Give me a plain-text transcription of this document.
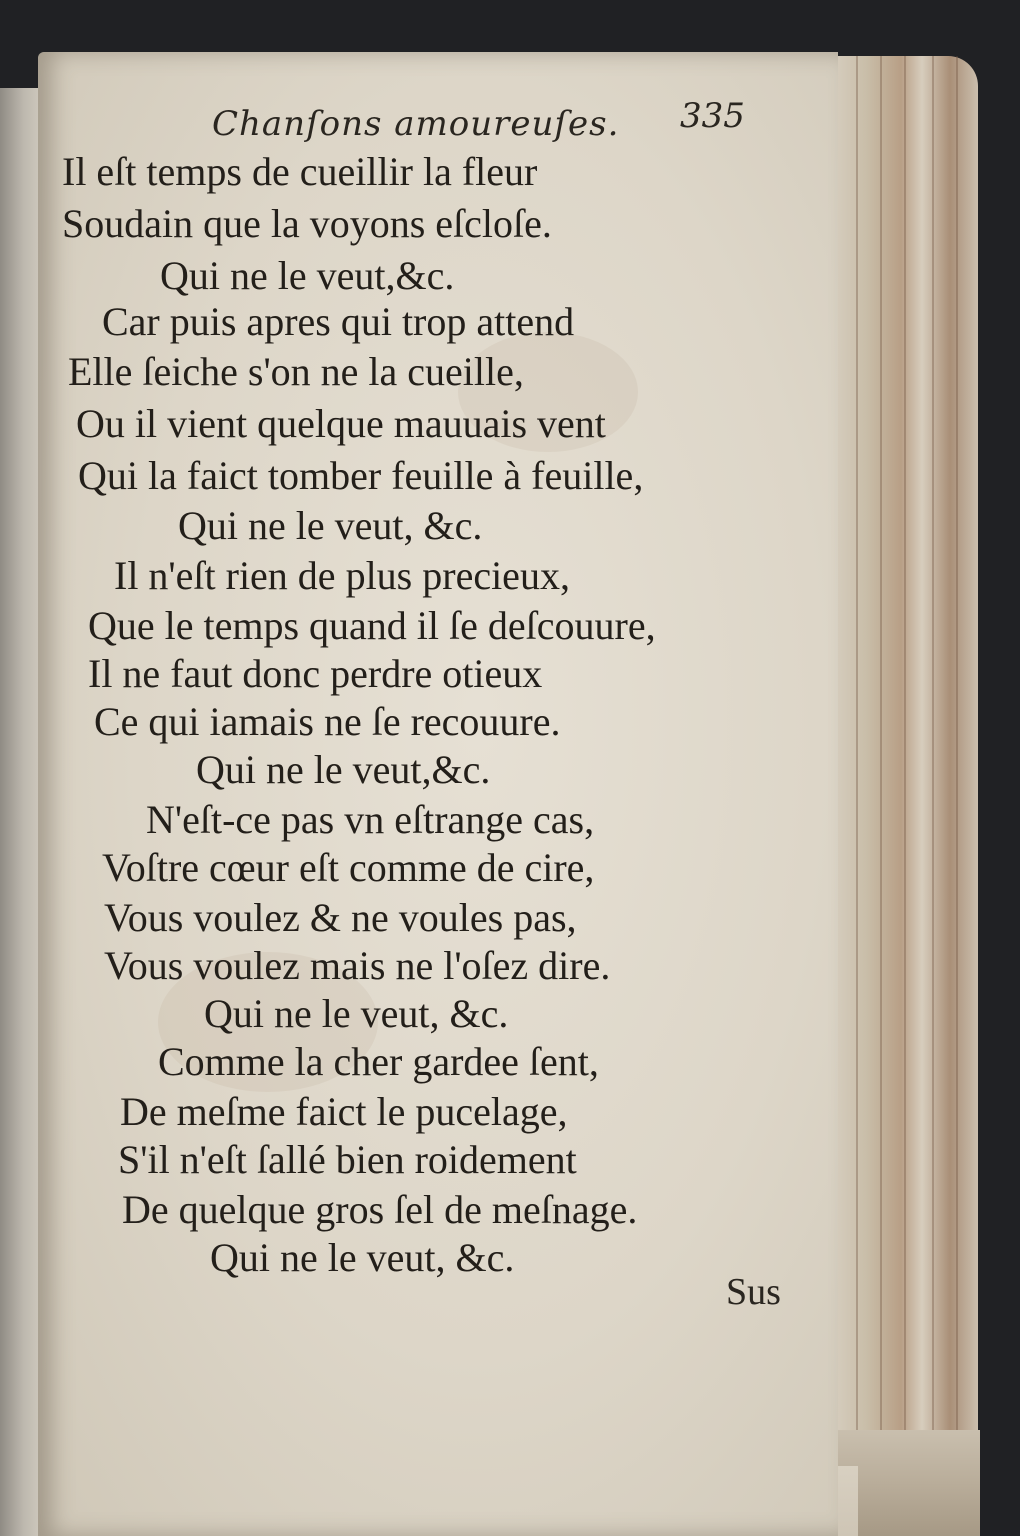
Chanſons amoureuſes. 335
Il eſt temps de cueillir la fleur
Soudain que la voyons eſcloſe.
Qui ne le veut,&c.
Car puis apres qui trop attend
Elle ſeiche s'on ne la cueille,
Ou il vient quelque mauuais vent
Qui la faict tomber feuille à feuille,
Qui ne le veut, &c.
Il n'eſt rien de plus precieux,
Que le temps quand il ſe deſcouure,
Il ne faut donc perdre otieux
Ce qui iamais ne ſe recouure.
Qui ne le veut,&c.
N'eſt-ce pas vn eſtrange cas,
Voſtre cœur eſt comme de cire,
Vous voulez & ne voules pas,
Vous voulez mais ne l'oſez dire.
Qui ne le veut, &c.
Comme la cher gardee ſent,
De meſme faict le pucelage,
S'il n'eſt ſallé bien roidement
De quelque gros ſel de meſnage.
Qui ne le veut, &c.
Sus
